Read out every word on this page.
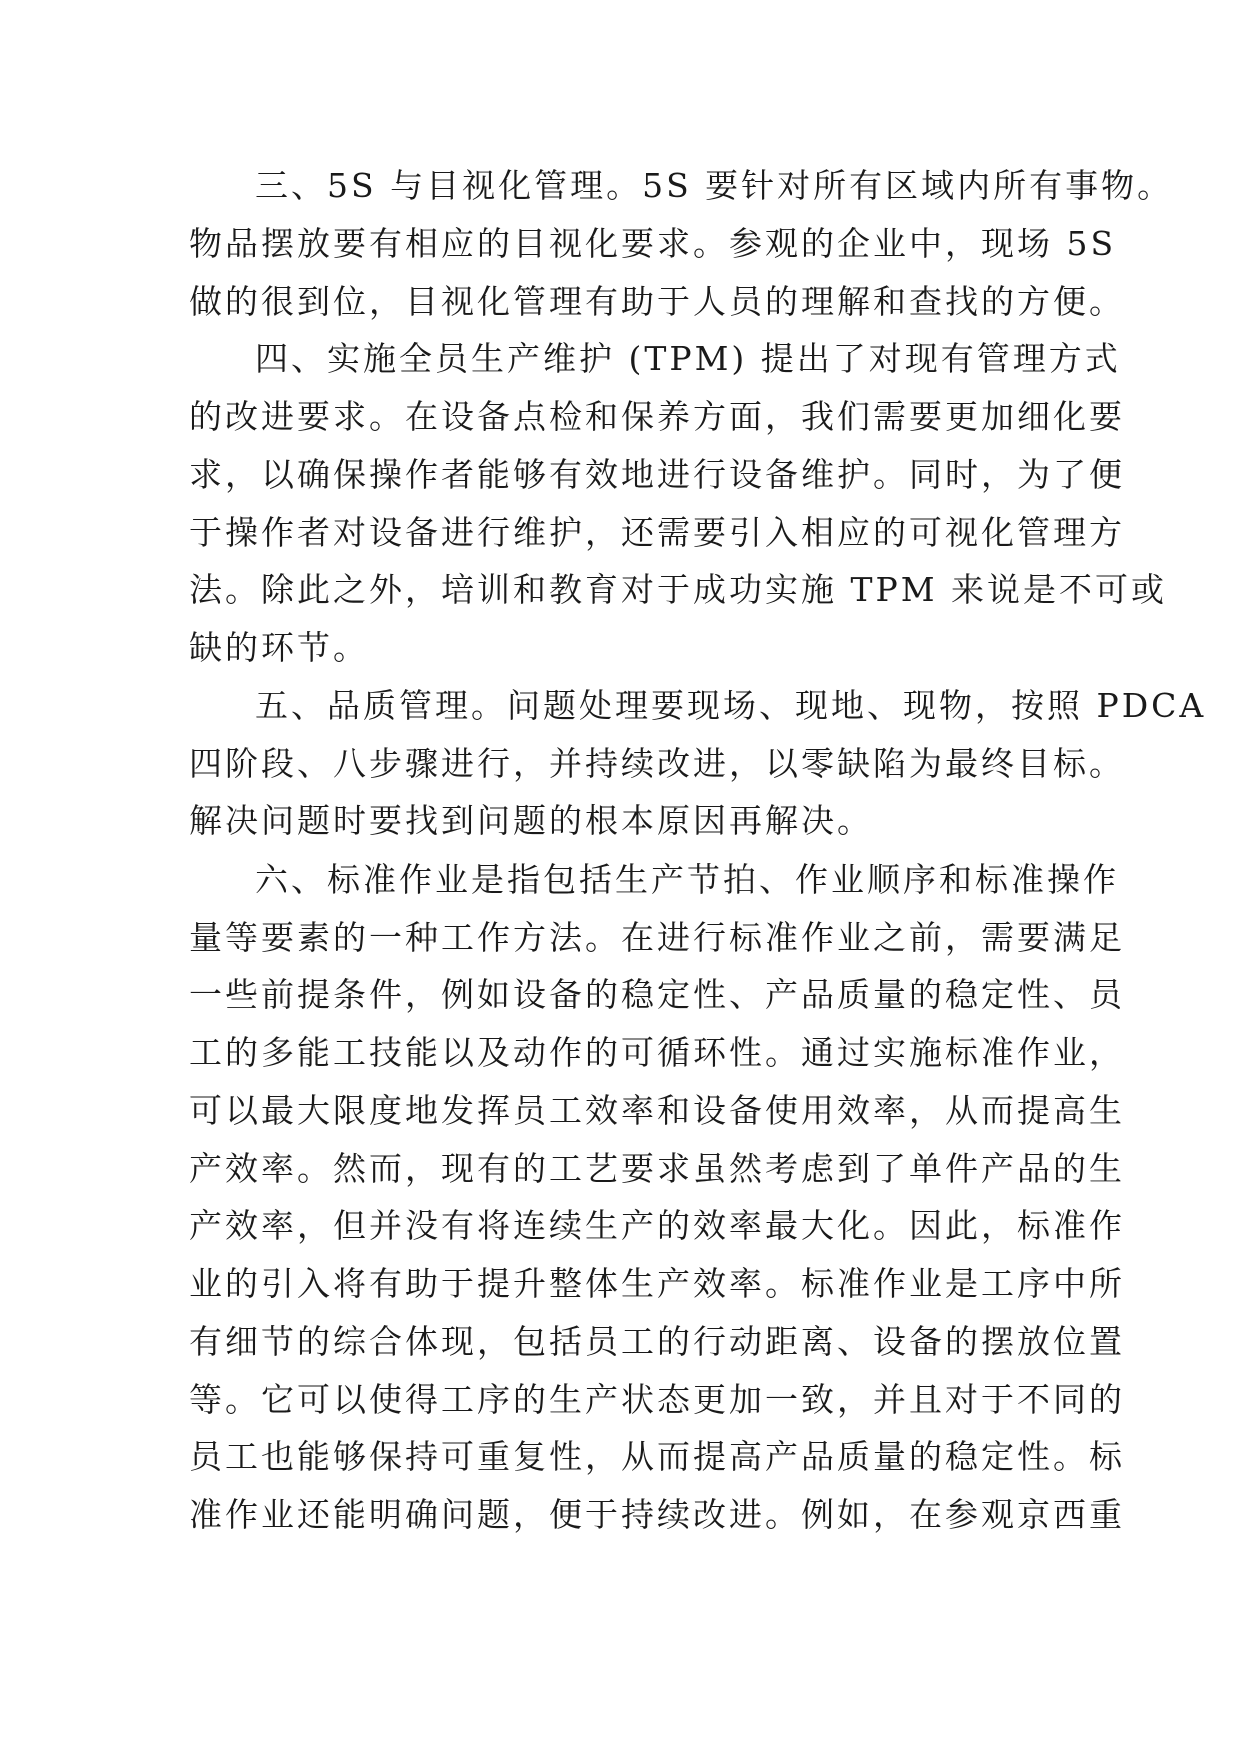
三、5S 与目视化管理。5S 要针对所有区域内所有事物。
物品摆放要有相应的目视化要求。参观的企业中，现场 5S
做的很到位，目视化管理有助于人员的理解和查找的方便。
四、实施全员生产维护 (TPM) 提出了对现有管理方式
的改进要求。在设备点检和保养方面，我们需要更加细化要
求，以确保操作者能够有效地进行设备维护。同时，为了便
于操作者对设备进行维护，还需要引入相应的可视化管理方
法。除此之外，培训和教育对于成功实施 TPM 来说是不可或
缺的环节。
五、品质管理。问题处理要现场、现地、现物，按照 PDCA
四阶段、八步骤进行，并持续改进，以零缺陷为最终目标。
解决问题时要找到问题的根本原因再解决。
六、标准作业是指包括生产节拍、作业顺序和标准操作
量等要素的一种工作方法。在进行标准作业之前，需要满足
一些前提条件，例如设备的稳定性、产品质量的稳定性、员
工的多能工技能以及动作的可循环性。通过实施标准作业，
可以最大限度地发挥员工效率和设备使用效率，从而提高生
产效率。然而，现有的工艺要求虽然考虑到了单件产品的生
产效率，但并没有将连续生产的效率最大化。因此，标准作
业的引入将有助于提升整体生产效率。标准作业是工序中所
有细节的综合体现，包括员工的行动距离、设备的摆放位置
等。它可以使得工序的生产状态更加一致，并且对于不同的
员工也能够保持可重复性，从而提高产品质量的稳定性。标
准作业还能明确问题，便于持续改进。例如，在参观京西重
